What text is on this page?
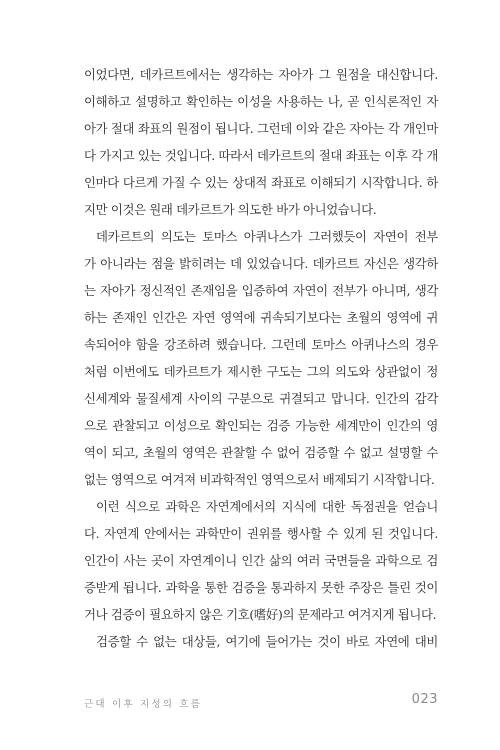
이었다면, 데카르트에서는 생각하는 자아가 그 원점을 대신합니다.
이해하고 설명하고 확인하는 이성을 사용하는 나, 곧 인식론적인 자
아가 절대 좌표의 원점이 됩니다. 그런데 이와 같은 자아는 각 개인마
다 가지고 있는 것입니다. 따라서 데카르트의 절대 좌표는 이후 각 개
인마다 다르게 가질 수 있는 상대적 좌표로 이해되기 시작합니다. 하
지만 이것은 원래 데카르트가 의도한 바가 아니었습니다.
데카르트의 의도는 토마스 아퀴나스가 그러했듯이 자연이 전부
가 아니라는 점을 밝히려는 데 있었습니다. 데카르트 자신은 생각하
는 자아가 정신적인 존재임을 입증하여 자연이 전부가 아니며, 생각
하는 존재인 인간은 자연 영역에 귀속되기보다는 초월의 영역에 귀
속되어야 함을 강조하려 했습니다. 그런데 토마스 아퀴나스의 경우
처럼 이번에도 데카르트가 제시한 구도는 그의 의도와 상관없이 정
신세계와 물질세계 사이의 구분으로 귀결되고 맙니다. 인간의 감각
으로 관찰되고 이성으로 확인되는 검증 가능한 세계만이 인간의 영
역이 되고, 초월의 영역은 관찰할 수 없어 검증할 수 없고 설명할 수
없는 영역으로 여겨져 비과학적인 영역으로서 배제되기 시작합니다.
이런 식으로 과학은 자연계에서의 지식에 대한 독점권을 얻습니
다. 자연계 안에서는 과학만이 권위를 행사할 수 있게 된 것입니다.
인간이 사는 곳이 자연계이니 인간 삶의 여러 국면들을 과학으로 검
증받게 됩니다. 과학을 통한 검증을 통과하지 못한 주장은 틀린 것이
거나 검증이 필요하지 않은 기호(嗜好)의 문제라고 여겨지게 됩니다.
검증할 수 없는 대상들, 여기에 들어가는 것이 바로 자연에 대비
근대 이후 지성의 흐름	023
